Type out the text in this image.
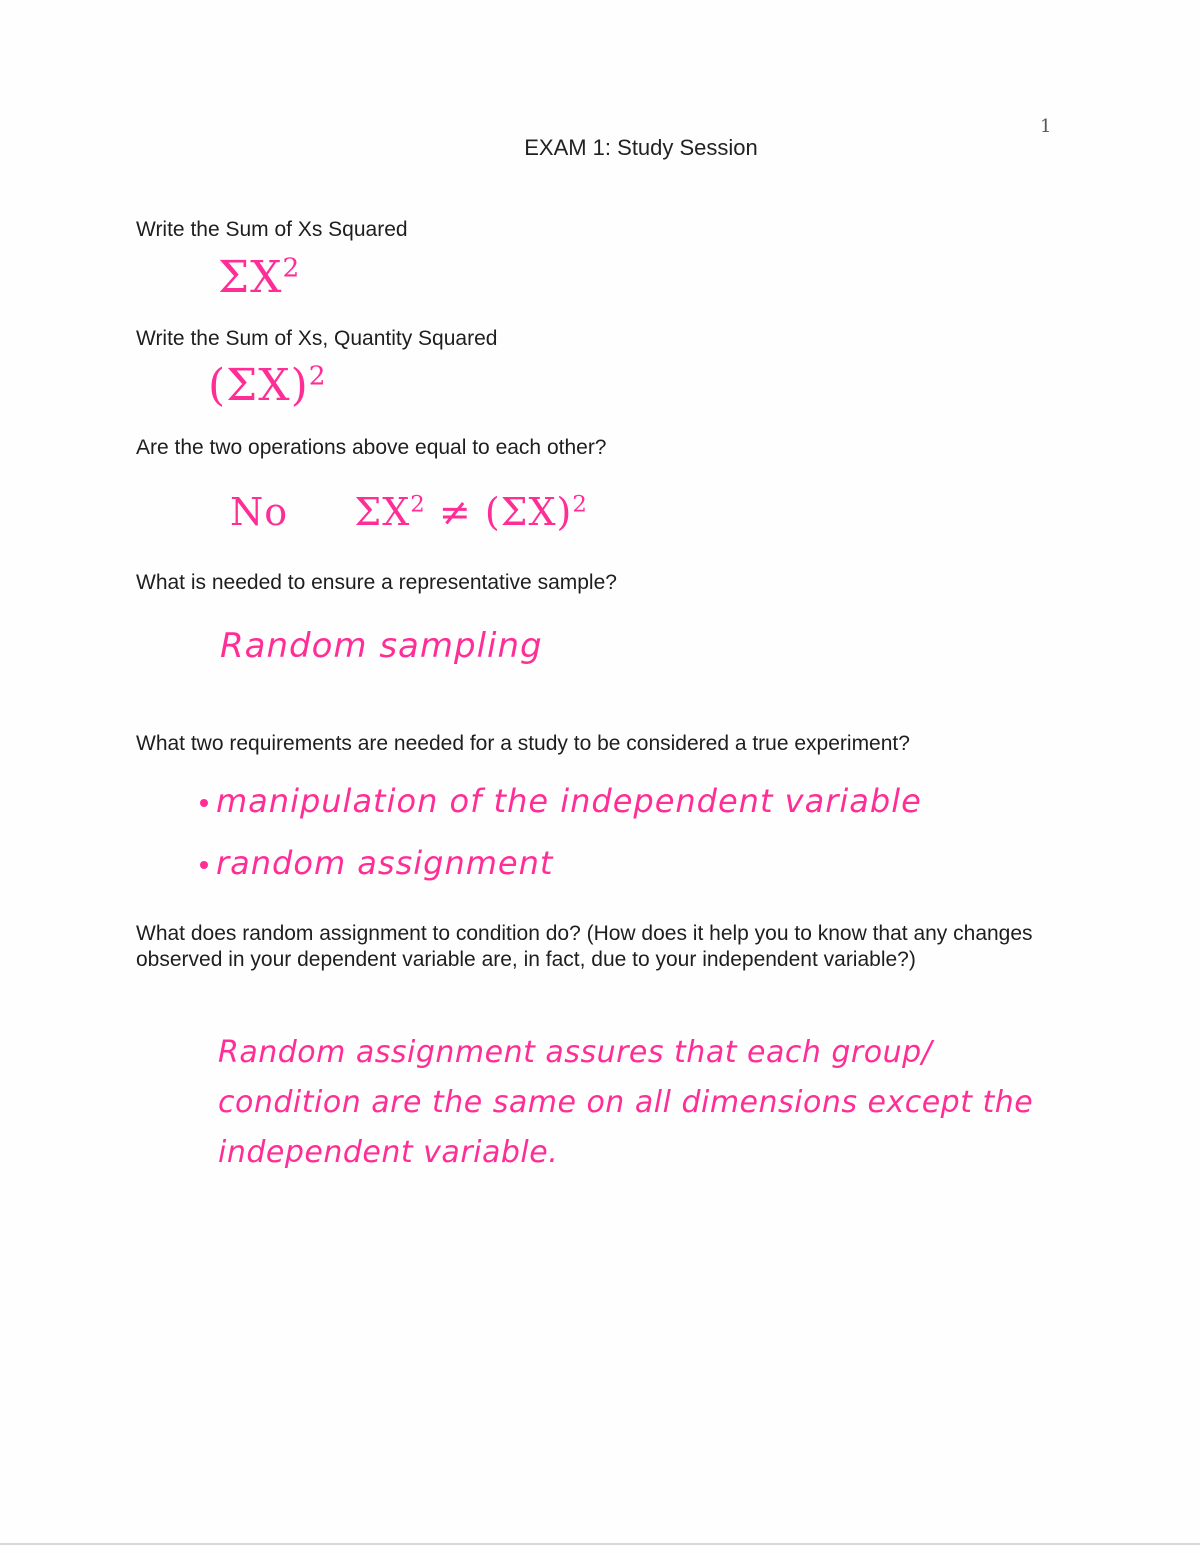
1
EXAM 1: Study Session
Write the Sum of Xs Squared
$\Sigma X^2$
Write the Sum of Xs, Quantity Squared
$(\Sigma X)^2$
Are the two operations above equal to each other?
No $\Sigma X^2 \ne (\Sigma X)^2$
What is needed to ensure a representative sample?
Random sampling
What two requirements are needed for a study to be considered a true experiment?
manipulation of the independent variable
random assignment
What does random assignment to condition do? (How does it help you to know that any changes observed in your dependent variable are, in fact, due to your independent variable?)
Random assignment assures that each group/ condition are the same on all dimensions except the independent variable.
